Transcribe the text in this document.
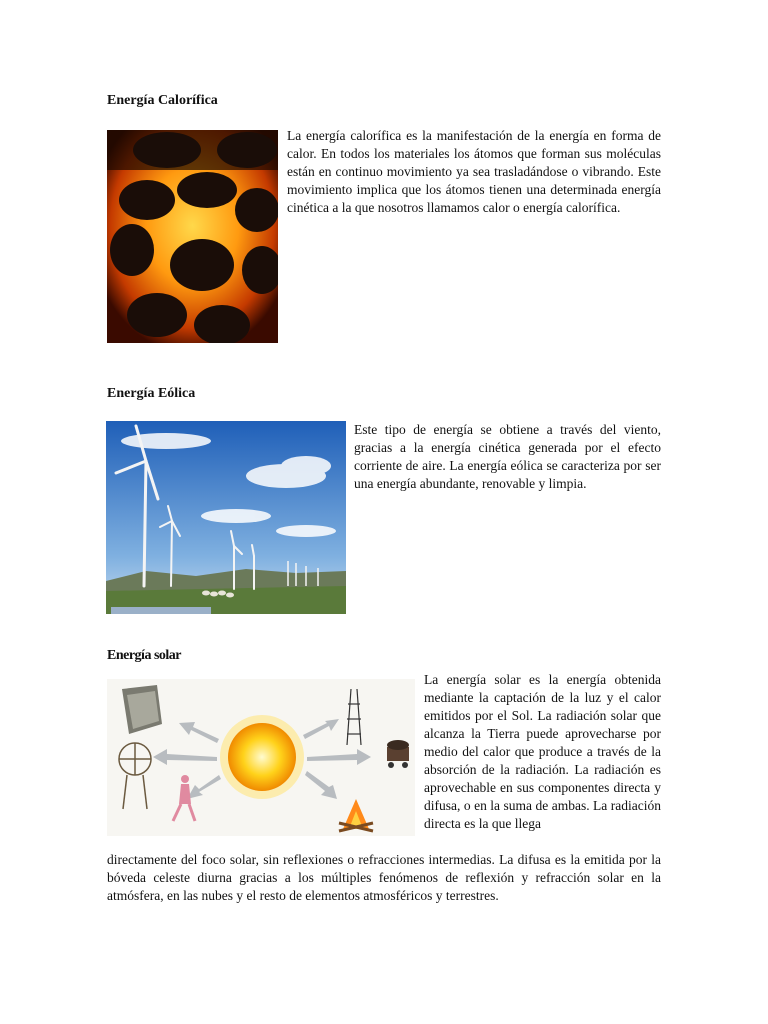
Energía Calorífica

La energía calorífica es la manifestación de la energía en forma de calor. En todos los materiales los átomos que forman sus moléculas están en continuo movimiento ya sea trasladándose o vibrando. Este movimiento implica que los átomos tienen una determinada energía cinética a la que nosotros llamamos calor o energía calorífica.

Energía Eólica

Este tipo de energía se obtiene a través del viento, gracias a la energía cinética generada por el efecto corriente de aire. La energía eólica se caracteriza por ser una energía abundante, renovable y limpia.

Energía solar

La energía solar es la energía obtenida mediante la captación de la luz y el calor emitidos por el Sol. La radiación solar que alcanza la Tierra puede aprovecharse por medio del calor que produce a través de la absorción de la radiación. La radiación es aprovechable en sus componentes directa y difusa, o en la suma de ambas. La radiación directa es la que llega

directamente del foco solar, sin reflexiones o refracciones intermedias. La difusa es la emitida por la bóveda celeste diurna gracias a los múltiples fenómenos de reflexión y refracción solar en la atmósfera, en las nubes y el resto de elementos atmosféricos y terrestres.
